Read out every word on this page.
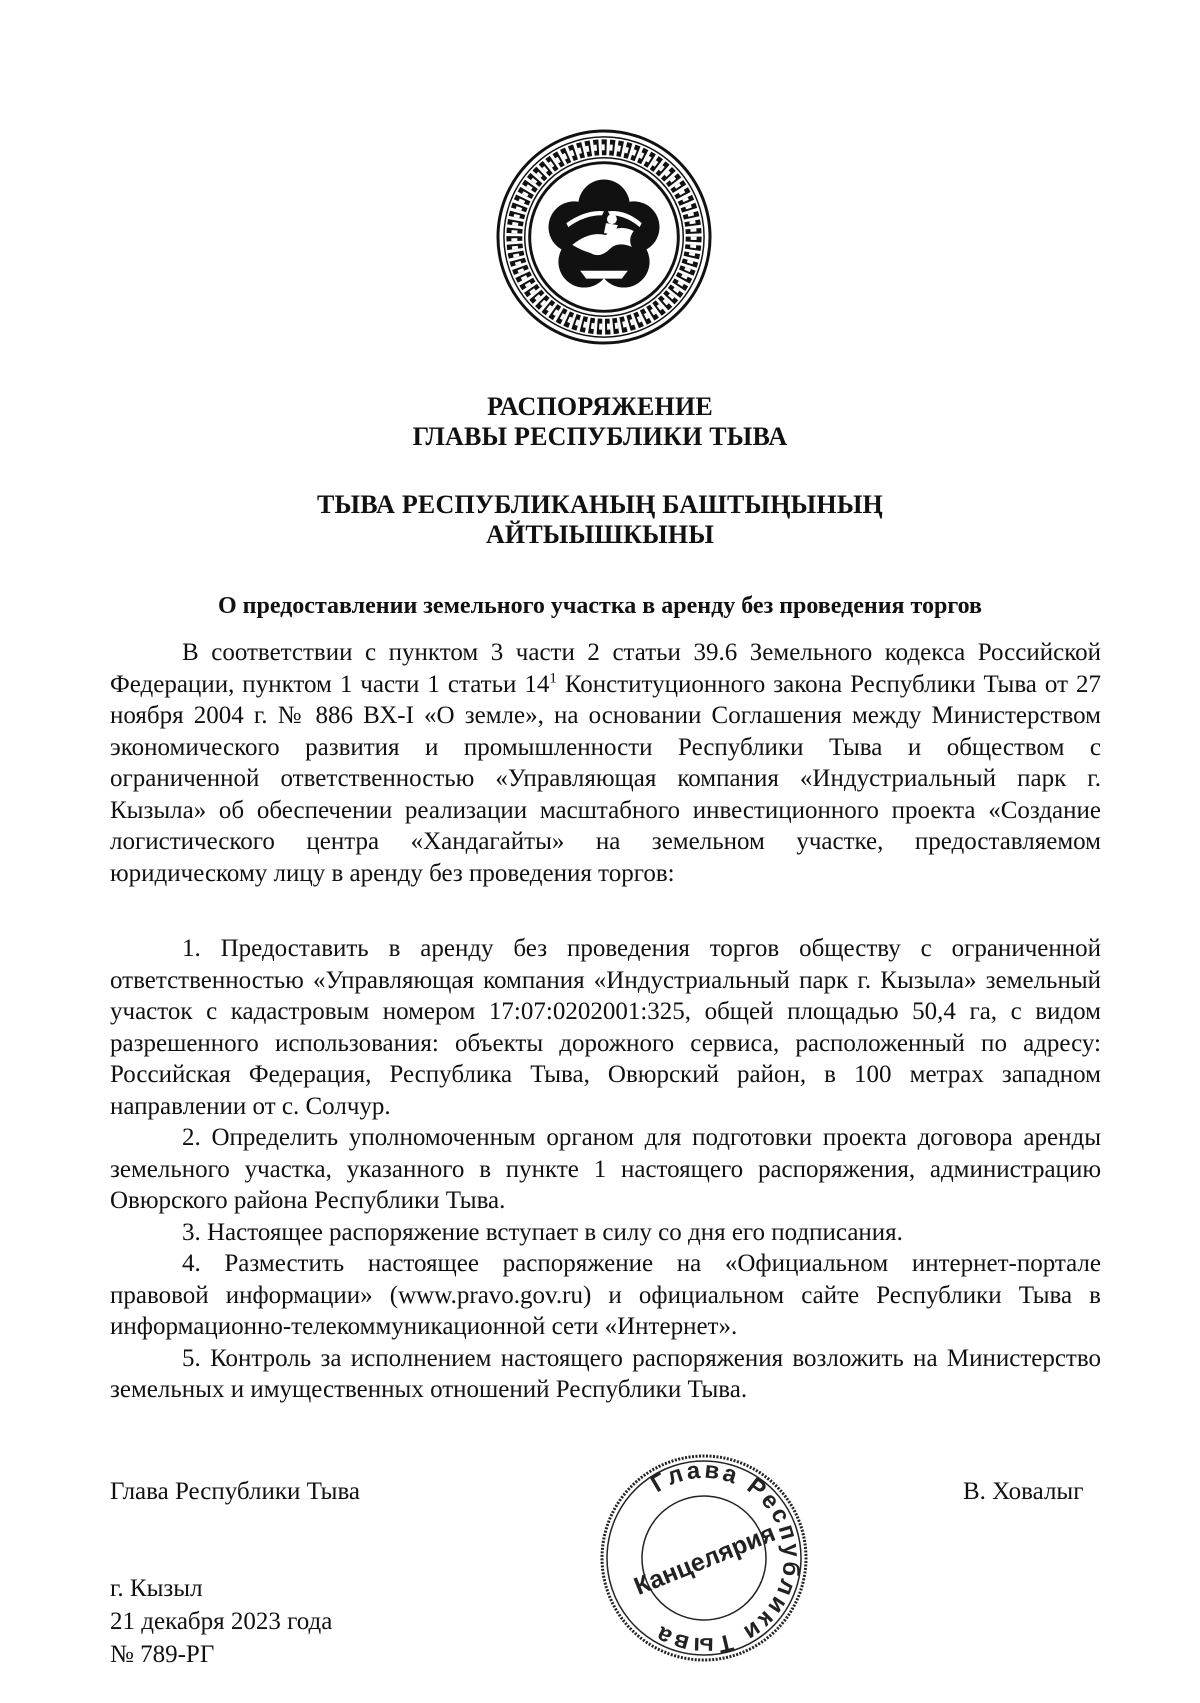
РАСПОРЯЖЕНИЕ
ГЛАВЫ РЕСПУБЛИКИ ТЫВА
ТЫВА РЕСПУБЛИКАНЫҢ БАШТЫҢЫНЫҢ
АЙТЫЫШКЫНЫ
О предоставлении земельного участка в аренду без проведения торгов

В соответствии с пунктом 3 части 2 статьи 39.6 Земельного кодекса Российской Федерации, пунктом 1 части 1 статьи $14^1$ Конституционного закона Республики Тыва от 27 ноября 2004 г. № 886 ВХ-I «О земле», на основании Соглашения между Министерством экономического развития и промышленности Республики Тыва и обществом с ограниченной ответственностью «Управляющая компания «Индустриальный парк г. Кызыла» об обеспечении реализации масштабного инвестиционного проекта «Создание логистического центра «Хандагайты» на земельном участке, предоставляемом юридическому лицу в аренду без проведения торгов:

1. Предоставить в аренду без проведения торгов обществу с ограниченной ответственностью «Управляющая компания «Индустриальный парк г. Кызыла» земельный участок с кадастровым номером 17:07:0202001:325, общей площадью 50,4 га, с видом разрешенного использования: объекты дорожного сервиса, расположенный по адресу: Российская Федерация, Республика Тыва, Овюрский район, в 100 метрах западном направлении от с. Солчур.

2. Определить уполномоченным органом для подготовки проекта договора аренды земельного участка, указанного в пункте 1 настоящего распоряжения, администрацию Овюрского района Республики Тыва.

3. Настоящее распоряжение вступает в силу со дня его подписания.

4. Разместить настоящее распоряжение на «Официальном интернет-портале правовой информации» (www.pravo.gov.ru) и официальном сайте Республики Тыва в информационно-телекоммуникационной сети «Интернет».

5. Контроль за исполнением настоящего распоряжения возложить на Министерство земельных и имущественных отношений Республики Тыва.

Глава Республики Тыва	В. Ховалыг
г. Кызыл
21 декабря 2023 года
№ 789-РГ
Глава Республики Тыва
Канцелярия
